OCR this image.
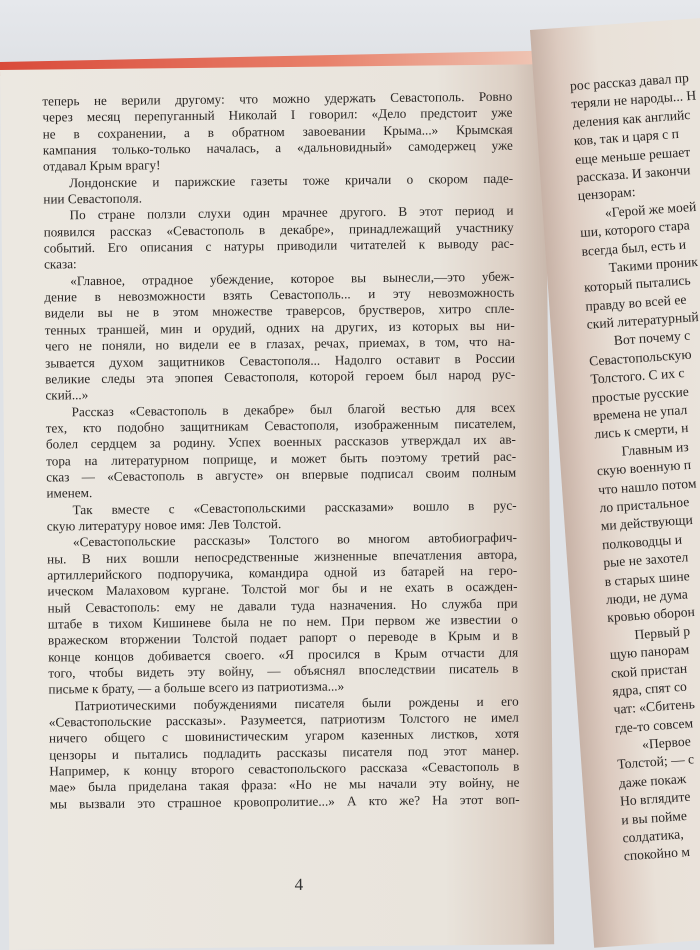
теперь не верили другому: что можно удержать Севастополь. Ровно
через месяц перепуганный Николай I говорил: «Дело предстоит уже
не в сохранении, а в обратном завоевании Крыма...» Крымская
кампания только-только началась, а «дальновидный» самодержец уже
отдавал Крым врагу!
Лондонские и парижские газеты тоже кричали о скором паде-
нии Севастополя.
По стране ползли слухи один мрачнее другого. В этот период и
появился рассказ «Севастополь в декабре», принадлежащий участнику
событий. Его описания с натуры приводили читателей к выводу рас-
сказа:
«Главное, отрадное убеждение, которое вы вынесли,—это убеж-
дение в невозможности взять Севастополь... и эту невозможность
видели вы не в этом множестве траверсов, брустверов, хитро спле-
тенных траншей, мин и орудий, одних на других, из которых вы ни-
чего не поняли, но видели ее в глазах, речах, приемах, в том, что на-
зывается духом защитников Севастополя... Надолго оставит в России
великие следы эта эпопея Севастополя, которой героем был народ рус-
ский...»
Рассказ «Севастополь в декабре» был благой вестью для всех
тех, кто подобно защитникам Севастополя, изображенным писателем,
болел сердцем за родину. Успех военных рассказов утверждал их ав-
тора на литературном поприще, и может быть поэтому третий рас-
сказ — «Севастополь в августе» он впервые подписал своим полным
именем.
Так вместе с «Севастопольскими рассказами» вошло в рус-
скую литературу новое имя: Лев Толстой.
«Севастопольские рассказы» Толстого во многом автобиографич-
ны. В них вошли непосредственные жизненные впечатления автора,
артиллерийского подпоручика, командира одной из батарей на геро-
ическом Малаховом кургане. Толстой мог бы и не ехать в осажден-
ный Севастополь: ему не давали туда назначения. Но служба при
штабе в тихом Кишиневе была не по нем. При первом же известии о
вражеском вторжении Толстой подает рапорт о переводе в Крым и в
конце концов добивается своего. «Я просился в Крым отчасти для
того, чтобы видеть эту войну, — объяснял впоследствии писатель в
письме к брату, — а больше всего из патриотизма...»
Патриотическими побуждениями писателя были рождены и его
«Севастопольские рассказы». Разумеется, патриотизм Толстого не имел
ничего общего с шовинистическим угаром казенных листков, хотя
цензоры и пытались подладить рассказы писателя под этот манер.
Например, к концу второго севастопольского рассказа «Севастополь в
мае» была приделана такая фраза: «Но не мы начали эту войну, не
мы вызвали это страшное кровопролитие...» А кто же? На этот воп-
4
рос рассказ давал пр
теряли не народы... Н
деления как английс
ков, так и царя с п
еще меньше решает
рассказа. И закончи
цензорам:
«Герой же моей
ши, которого стара
всегда был, есть и
Такими проник
который пытались
правду во всей ее
ский литературный
Вот почему с
Севастопольскую
Толстого. С их с
простые русские
времена не упал
лись к смерти, н
Главным из
скую военную п
что нашло потом
ло пристальное
ми действующи
полководцы и
рые не захотел
в старых шине
люди, не дума
кровью оборон
Первый р
щую панорам
ской пристан
ядра, спят со
чат: «Сбитень
где-то совсем
«Первое
Толстой; — с
даже покаж
Но вглядите
и вы пойме
солдатика,
спокойно м
